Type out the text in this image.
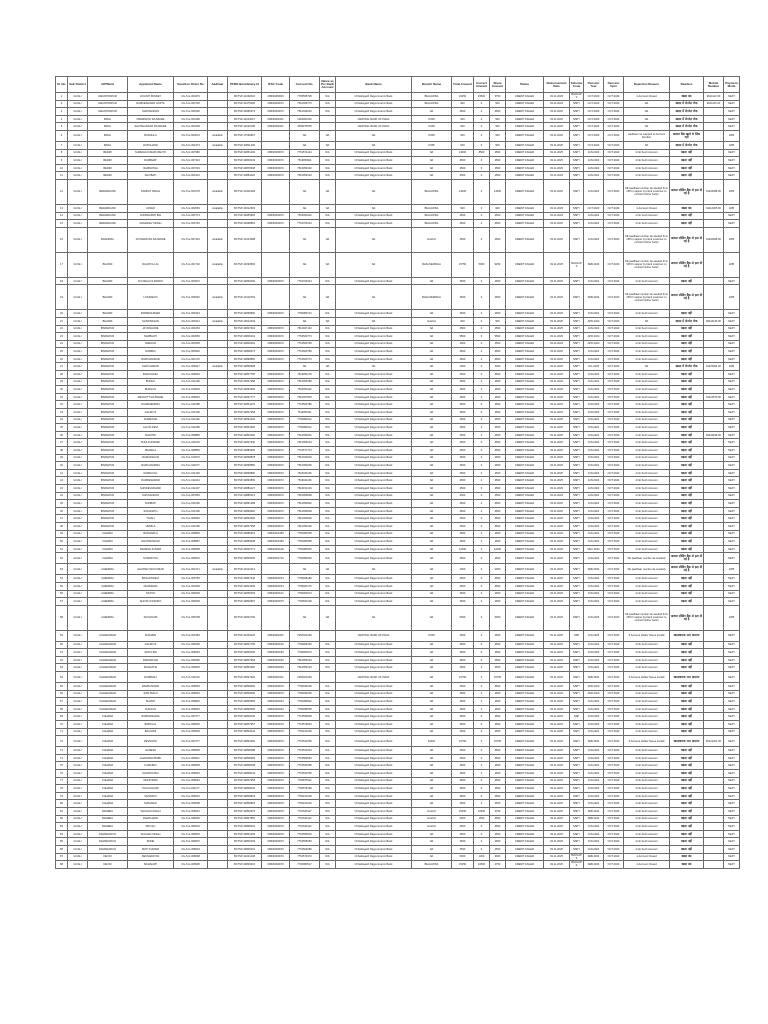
Sl. No.	Sub District	GP/Ward	Applicant Name	Sanction Order No	Aadhaar	PFMS Beneficiary Id	IFSC Code	Account No.	Name as Per Bank Account	Bank Name	Branch Name	Total Amount	Correct Amount	Share Amount	Status	Disbursement Date	Scheme Code	Pension Year	Pension Upto	Rejection Reason	Readers	Mobile Number	Payment Mode
1	GOALI	AWANTIPAPUR	JAYANTI PANDEY	CG-5-G-003473		BCTSP-11362032	CBIN0280000	7765555705	N/A	Chhattisgarh Rajya Gramin Bank	BHAJAPRA	10250	15500	5750	CREDIT FAILED	03.11.2025	BHOJAP S	OCT.2023	OCT.2023	1.Account Closed	खाता बंद	9644112 00	NEFT
2	GOALI	AWANTIPAPUR	RAMKESHWAR GUPTA	CG-5-G-003700		BCTSP-30175000	CBIN0000970	7510469775	N/A	Chhattisgarh Rajya Gramin Bank	BHAJAPRA	900	0	900	CREDIT FAILED	03.11.2025	NSPY	OCT.2023	OCT.2023	NA	खाता में लेनदेन रोक	9644115 00	NEFT
3	GOALI	AWANTIPAPUR	SHIVNANDAN	CG-5-G-008190		BCTSP-30965073	CBIN0000970	7510469222	N/A	Chhattisgarh Rajya Gramin Bank	NA	4500	0	4500	CREDIT FAILED	03.11.2025	NSPY	OCT.2023	OCT.2023	NA	खाता में लेनदेन रोक		NEFT
4	GOALI	BANA	PREMNATH RAJWADE	CG-5-G-004408		BCTSP-11014047	CBIN0281901	1281001001		CENTRAL BANK OF INDIA	KOBI	900	0	900	CREDIT FAILED	03.11.2025	NSPY	OCT.2023	OCT.2023	NA	खाता में लेनदेन रोक		NEFT
5	GOALI	BANA	SHIVSHANKAR RAJWADE	CG-5-G-004409		BCTSP-11020108	CBIN0281901	3509975035		CENTRAL BANK OF INDIA	KOBI	900	0	900	CREDIT FAILED	03.11.2025	NSPY	OCT.2023	OCT.2023	NA	खाता में लेनदेन रोक		NEFT
6	GOALI	BANA	BUDHULA	CG-5-G-003013	Available	BCTSP-17099967		NA	NA	NA	KOBI	900	0	900	CREDIT FAILED	03.11.2025	NSPY	OCT.2023	OCT.2023	Aadhaar not mapped to Account Number	आधार बैंक खाते से लिंक नहीं		APB
7	GOALI	BANA	RUPCHAND	CG-5-G-001073	Available	BCTSP-30811400		NA	NA	NA	KOBI	900	0	900	CREDIT FAILED	03.11.2025	NSPY	OCT.2023	OCT.2023	NA	खाता में लेनदेन रोक		APB
8	GOALI	BEDMI	SURESH KUMAR MAHTO	CG-5-G-007980		BCTSP-30851302	CBIN0000970	7751574144	N/A	Chhattisgarh Rajya Gramin Bank	NA	13000	8500	4500	CREDIT FAILED	03.11.2025	NSPY	JAN.2024	OCT.2023	2.No Such Account	खाता नहीं		NEFT
9	GOALI	BEDMI	RAMBHAT	CG-5-G-007313		BCTSP-30809043	CBIN0000970	7516059911	N/A	Chhattisgarh Rajya Gramin Bank	NA	4500	0	4500	CREDIT FAILED	03.11.2025	NSPY	JAN.2024	OCT.2023	2.No Such Account	खाता नहीं		NEFT
10	GOALI	BEDMI	RAMNATHA	CG-5-G-007034		BCTSP-30878338	CBIN0000970	7516059102	N/A	Chhattisgarh Rajya Gramin Bank	NA	4500	0	4500	CREDIT FAILED	03.11.2025	NSPY	JAN.2024	OCT.2023	2.No Such Account	खाता नहीं		NEFT
11	GOALI	BEDMI	SHIVBATI	CG-5-G-001916		BCTSP-30881126	CBIN0000970	7516059123	N/A	Chhattisgarh Rajya Gramin Bank	NA	4500	0	4500	CREDIT FAILED	03.11.2025	NSPY	JAN.2024	OCT.2023	2.No Such Account	खाता नहीं		NEFT
12	GOALI	BEDARDAND	SAMPAT SINGH	CG-5-G-001578	Available	BCTSP-13411999		NA	NA	NA	BHAJAPRA	14000	0	14000	CREDIT FAILED	03.11.2025	NSPY	JAN.2024	OCT.2023	XE (aadhaar number de-seeded from NPCI mapper by bank customer to contact his/her bank)	आधार सीडिंग बैंक से हटा दी गई है	91126098 00	APB
13	GOALI	BEDARDAND	JANAKI	CG-5-G-003063	Available	BCTSP-13012609		NA	NA	NA	BHAJAPRA	900	0	900	CREDIT FAILED	03.11.2025	NSPY	OCT.2023	OCT.2023	1.Account Closed	खाता बंद	91112005 00	APB
14	GOALI	BEDARDAND	SUNDRAPATI BAI	CG-5-G-006774		BCTSP-30955800	CBIN0000970	7516059110	N/A	Chhattisgarh Rajya Gramin Bank	BHAJAPRA	4500	0	4500	CREDIT FAILED	03.11.2025	NSPY	JAN.2024	OCT.2023	2.No Such Account	खाता नहीं		NEFT
15	GOALI	BEDARDAND	RAMADEV SINGH	CG-5-G-006745		BCTSP-30938862	CBIN0000970	7762763244	N/A	Chhattisgarh Rajya Gramin Bank	BHAJAPRA	4500	0	4500	CREDIT FAILED	03.11.2025	NSPY	JAN.2024	OCT.2023	2.No Such Account	खाता नहीं		NEFT
16	GOALI	BHANDRA	JAYNARAYAN RAJWADE	CG-5-G-007434	Available	BCTSP-13414088		NA	NA	NA	GALKA	4500	0	4500	CREDIT FAILED	03.11.2025	NSPY	JAN.2024	OCT.2023	XE (aadhaar number de-seeded from NPCI mapper by bank customer to contact his/her bank)	आधार सीडिंग बैंक से हटा दी गई है	91120998 00	APB
17	GOALI	BHANDI	DHANIYA LAL	CG-5-G-001702	Available	BCTSP-13028666		NA	NA	NA	BHAUVERDIHA	15750	5000	9250	CREDIT FAILED	03.11.2025	BHOJAP S	FEB.2023	OCT.2023	XE (aadhaar number de-seeded from NPCI mapper by bank customer to contact his/her bank)	आधार सीडिंग बैंक से हटा दी गई है		APB
18	GOALI	BHANDI	KOUSHALYA PANDO	CG-5-G-004572		BCTSP-30830000	CBIN0000970	7762763244	N/A	Chhattisgarh Rajya Gramin Bank	NA	4500	0	4500	CREDIT FAILED	03.11.2025	NSPY	JAN.2024	OCT.2023	2.No Such Account	खाता नहीं		NEFT
19	GOALI	BHANDI	LOKADEVO	CG-5-G-006040	Available	BCTSP-13410752		NA	NA	NA	BHAUVERDIHA	4500	0	4500	CREDIT FAILED	03.11.2025	NSPY	FEB.2023	OCT.2023	XE (aadhaar number de-seeded from NPCI mapper by bank customer to contact his/her bank)	आधार सीडिंग बैंक से हटा दी गई है		APB
20	GOALI	BHANDI	PARMESHWARI	CG-5-G-006434		BCTSP-30838800	CBIN0000970	7706083712	N/A	Chhattisgarh Rajya Gramin Bank	NA	4500	0	4500	CREDIT FAILED	03.11.2025	NSPY	JAN.2024	OCT.2023	2.No Such Account	खाता नहीं		NEFT
21	GOALI	BHANDI	SHIVPRASAD	CG-5-G-000212	Available	BCTSP-13012233		NA	NA	NA	GALKA	900	0	900	CREDIT FAILED	03.11.2025	NSPY	APR.2024	OCT.2023	NA	खाता में लेनदेन रोक	96441135 00	NEFT
22	GOALI	BISRAPUR	JAYKISHORE	CG-5-G-001063		BCTSP-30827904	CBIN0000970	7510467143	N/A	Chhattisgarh Rajya Gramin Bank	NA	4500	0	4500	CREDIT FAILED	03.11.2025	NSPY	JAN.2024	OCT.2023	2.No Such Account	खाता नहीं		NEFT
23	GOALI	BISRAPUR	NARBHATI	CG-5-G-003056		BCTSP-30809101	CBIN0000970	7751560773	N/A	Chhattisgarh Rajya Gramin Bank	NA	5500	0	5500	CREDIT FAILED	03.11.2025	NSPY	APR.2024	OCT.2023	2.No Such Account	खाता नहीं		NEFT
24	GOALI	BISRAPUR	NARHIVA	CG-5-G-004038		BCTSP-30806062	CBIN0000970	7751560780	N/A	Chhattisgarh Rajya Gramin Bank	NA	4500	0	4500	CREDIT FAILED	03.11.2025	NSPY	APR.2024	OCT.2023	2.No Such Account	खाता नहीं		NEFT
25	GOALI	BISRAPUR	RAMBAI	CG-5-G-005640		BCTSP-30808073	CBIN0000970	7751560780	N/A	Chhattisgarh Rajya Gramin Bank	NA	4500	0	4500	CREDIT FAILED	03.11.2025	NSPY	JAN.2024	OCT.2023	2.No Such Account	खाता नहीं		NEFT
26	GOALI	BISRAPUR	RAMCHANDAR	CG-5-G-001179		BCTSP-30868850	CBIN0000970	7751560773	N/A	Chhattisgarh Rajya Gramin Bank	NA	4500	0	4500	CREDIT FAILED	03.11.2025	NSPY	JAN.2024	OCT.2023	2.No Such Account	खाता नहीं		NEFT
27	GOALI	BISRAPUR	SHIVCHARAN	CG-5-G-008417	Available	BCTSP-30808908		NA	NA	NA	NA	2000	0	2000	CREDIT FAILED	03.11.2025	NSPY	JUL.2025	OCT.2023	NA	खाता में लेनदेन रोक	91125994 00	APB
28	GOALI	BISRAPUR	BHAGVANIA	CG-5-G-008049		BCTSP-30807795	CBIN0000970	7516051178	N/A	Chhattisgarh Rajya Gramin Bank	NA	4500	0	4500	CREDIT FAILED	03.11.2025	NSPY	JAN.2024	OCT.2023	2.No Such Account	खाता नहीं		NEFT
29	GOALI	BISRAPUR	BUDHU	CG-5-G-011409		BCTSP-30827958	CBIN0000970	7516059180	N/A	Chhattisgarh Rajya Gramin Bank	NA	4500	0	4500	CREDIT FAILED	03.11.2025	NSPY	JAN.2024	OCT.2023	2.No Such Account	खाता नहीं		NEFT
30	GOALI	BISRAPUR	BUDHIYA	CG-5-G-010003		BCTSP-30832900	CBIN0000970	7516059110	N/A	Chhattisgarh Rajya Gramin Bank	NA	4500	0	4500	CREDIT FAILED	03.11.2025	NSPY	JAN.2024	OCT.2023	2.No Such Account	खाता नहीं		NEFT
31	GOALI	BISRAPUR	DEVDUTT RAJWADE	CG-5-G-008049		BCTSP-30837777	CBIN0000970	7510467833	N/A	Chhattisgarh Rajya Gramin Bank	NA	4500	0	4500	CREDIT FAILED	03.11.2025	NSPY	JAN.2024	OCT.2023	2.No Such Account	खाता नहीं	91124570 00	NEFT
32	GOALI	BISRAPUR	DHARMENDRA	CG-5-G-011088		BCTSP-30831179	CBIN0000970	7751560780	N/A	Chhattisgarh Rajya Gramin Bank	NA	4500	0	4500	CREDIT FAILED	03.11.2025	NSPY	JAN.2024	OCT.2023	2.No Such Account	खाता नहीं		NEFT
33	GOALI	BISRAPUR	GAURIYA	CG-5-G-011409		BCTSP-30827958	CBIN0000970	7516059111	N/A	Chhattisgarh Rajya Gramin Bank	NA	4500	0	4500	CREDIT FAILED	03.11.2025	NSPY	JAN.2024	OCT.2023	2.No Such Account	खाता नहीं		NEFT
34	GOALI	BISRAPUR	KHEMANIA	CG-5-G-011492		BCTSP-30832200	CBIN0000970	7706083212	N/A	Chhattisgarh Rajya Gramin Bank	NA	4500	0	4500	CREDIT FAILED	03.11.2025	NSPY	JAN.2024	OCT.2023	2.No Such Account	खाता नहीं		NEFT
35	GOALI	BISRAPUR	LALITA DEVI	CG-5-G-011089		BCTSP-30823200	CBIN0000970	7706083212	N/A	Chhattisgarh Rajya Gramin Bank	NA	4500	0	4500	CREDIT FAILED	03.11.2025	NSPY	JAN.2024	OCT.2023	2.No Such Account	खाता नहीं		NEFT
36	GOALI	BISRAPUR	MAHITRI	CG-5-G-008850		BCTSP-30806200	CBIN0000970	7516059091	N/A	Chhattisgarh Rajya Gramin Bank	NA	4500	0	4500	CREDIT FAILED	03.11.2025	NSPY	JAN.2024	OCT.2023	2.No Such Account	खाता नहीं	96441158 00	NEFT
37	GOALI	BISRAPUR	PHULKUNWARI	CG-5-G-011034		BCTSP-30827940	CBIN0000970	7516059104	N/A	Chhattisgarh Rajya Gramin Bank	NA	4500	0	4500	CREDIT FAILED	03.11.2025	NSPY	JAN.2024	OCT.2023	2.No Such Account	खाता नहीं		NEFT
38	GOALI	BISRAPUR	PRAMILA	CG-5-G-008859		BCTSP-30880600	CBIN0000970	7751577713	N/A	Chhattisgarh Rajya Gramin Bank	NA	4500	0	4500	CREDIT FAILED	03.11.2025	NSPY	JAN.2024	OCT.2023	2.No Such Account	खाता नहीं		NEFT
39	GOALI	BISRAPUR	RAMAKSHAR	CG-5-G-010070		BCTSP-30838878	CBIN0000970	7516042034	N/A	Chhattisgarh Rajya Gramin Bank	NA	4500	0	4500	CREDIT FAILED	03.11.2025	NSPY	JAN.2024	OCT.2023	2.No Such Account	खाता नहीं		NEFT
40	GOALI	BISRAPUR	RAMCHANDRA	CG-5-G-011077		BCTSP-30838850	CBIN0000970	7516059206	N/A	Chhattisgarh Rajya Gramin Bank	NA	4500	0	4500	CREDIT FAILED	03.11.2025	NSPY	JAN.2024	OCT.2023	2.No Such Account	खाता नहीं		NEFT
41	GOALI	BISRAPUR	RAMDAYAL	CG-5-G-011409		BCTSP-30838800	CBIN0000970	7516041166	N/A	Chhattisgarh Rajya Gramin Bank	NA	4500	0	4500	CREDIT FAILED	03.11.2025	NSPY	JAN.2024	OCT.2023	2.No Such Account	खाता नहीं		NEFT
42	GOALI	BISRAPUR	RAMKESHWAR	CG-5-G-011044		BCTSP-30830800	CBIN0000970	7516041166	N/A	Chhattisgarh Rajya Gramin Bank	NA	4500	0	4500	CREDIT FAILED	03.11.2025	NSPY	JAN.2024	OCT.2023	2.No Such Account	खाता नहीं		NEFT
43	GOALI	BISRAPUR	SHIVDEVADHARI	CG-5-G-011407		BCTSP-30881427	CBIN0000970	7516152134	N/A	Chhattisgarh Rajya Gramin Bank	NA	4500	0	4500	CREDIT FAILED	03.11.2025	NSPY	JAN.2024	OCT.2023	2.No Such Account	खाता नहीं		NEFT
44	GOALI	BISRAPUR	SHIVNANDAN	CG-5-G-007845		BCTSP-30885213	CBIN0000970	7516059909	N/A	Chhattisgarh Rajya Gramin Bank	NA	4500	0	4500	CREDIT FAILED	03.11.2025	NSPY	JAN.2024	OCT.2023	2.No Such Account	खाता नहीं		NEFT
45	GOALI	BISRAPUR	SONBATI	CG-5-G-011090		BCTSP-30831289	CBIN0000970	7516059922	N/A	Chhattisgarh Rajya Gramin Bank	NA	4500	0	4500	CREDIT FAILED	03.11.2025	NSPY	JAN.2024	OCT.2023	2.No Such Account	खाता नहीं		NEFT
46	GOALI	BISRAPUR	SUKHNATH	CG-5-G-011409		BCTSP-30838920	CBIN0000970	7516059099	N/A	Chhattisgarh Rajya Gramin Bank	NA	4500	0	4500	CREDIT FAILED	03.11.2025	NSPY	JAN.2024	OCT.2023	2.No Such Account	खाता नहीं		NEFT
47	GOALI	BISRAPUR	TIHALI	CG-5-G-008340		BCTSP-30829300	CBIN0000970	7516060602	N/A	Chhattisgarh Rajya Gramin Bank	NA	4500	0	4500	CREDIT FAILED	03.11.2025	NSPY	JAN.2024	OCT.2023	2.No Such Account	खाता नहीं		NEFT
48	GOALI	BISRAPUR	URMILA	CG-5-G-011409		BCTSP-30827958	CBIN0000970	7516059102	N/A	Chhattisgarh Rajya Gramin Bank	NA	4500	0	4500	CREDIT FAILED	03.11.2025	NSPY	JAN.2024	OCT.2023	2.No Such Account	खाता नहीं		NEFT
49	GOALI	CHAPDA	BUDHNATH	CG-5-G-008869		BCTSP-30886919	CBIN0001386	7760083205	N/A	Chhattisgarh Rajya Gramin Bank	NA	4500	0	4500	CREDIT FAILED	03.11.2025	NSPY	JAN.2024	OCT.2023	2.No Such Account	खाता नहीं		NEFT
50	GOALI	CHAPDA	DHANSUNDAR	CG-5-G-008867		BCTSP-30859008	CBIN0001386	7760083095	N/A	Chhattisgarh Rajya Gramin Bank	NA	4500	0	4500	CREDIT FAILED	03.11.2025	NSPY	JAN.2024	OCT.2023	2.No Such Account	खाता नहीं		NEFT
51	GOALI	CHAPDA	RAMESH KUMAR	CG-5-G-008068		BCTSP-30810771	CBIN0000148	7760083046	N/A	Chhattisgarh Rajya Gramin Bank	NA	11500	0	11500	CREDIT FAILED	03.11.2025	NSPY	DEC.2023	OCT.2023	2.No Such Account	खाता नहीं		NEFT
52	GOALI	CHAPDA	SUNMATIYA	CG-5-G-008010		BCTSP-30809005	CBIN0001726	7760083046	N/A	Chhattisgarh Rajya Gramin Bank	NA	4500	0	4500	CREDIT FAILED	03.11.2025	NSPY	JAN.2024	OCT.2023	XE (aadhaar number de-seeded)	आधार सीडिंग बैंक से हटा दी गई है		NEFT
53	GOALI	CHENDRA	GHANSHYAM KUMAR	CG-5-G-002171	Available	BCTSP-13412214		NA	NA	NA	NA	2000	0	2000	CREDIT FAILED	03.11.2025	NSPY	FEB.2020	OCT.2023	XE (aadhaar number de-seeded)	आधार सीडिंग बैंक से हटा दी गई है		APB
54	GOALI	CHENDRA	BASANTIDEVI	CG-5-G-006755		BCTSP-30807646	CBIN0000023	7709908184	N/A	Chhattisgarh Rajya Gramin Bank	NA	4500	0	4500	CREDIT FAILED	03.11.2025	NSPY	JAN.2024	OCT.2023	2.No Such Account	खाता नहीं		NEFT
55	GOALI	CHENDRA	DHANIRAM	CG-5-G-004009		BCTSP-30813005	CBIN0000023	7709901175	N/A	Chhattisgarh Rajya Gramin Bank	NA	4500	0	4500	CREDIT FAILED	03.11.2025	NSPY	JAN.2024	OCT.2023	2.No Such Account	खाता नहीं		NEFT
56	GOALI	CHENDRA	NATOO	CG-5-G-006009		BCTSP-30835003	CBIN0000141	7706063074	N/A	Chhattisgarh Rajya Gramin Bank	NA	4500	0	4500	CREDIT FAILED	03.11.2025	NSPY	JAN.2024	OCT.2023	2.No Such Account	खाता नहीं		NEFT
57	GOALI	CHENDRA	SHIVPUJI PANDO	CG-5-G-006009		BCTSP-30800897	CBIN0000079	7706693109	N/A	Chhattisgarh Rajya Gramin Bank	NA	4500	0	4500	CREDIT FAILED	03.11.2025	NSPY	JAN.2024	OCT.2023	2.No Such Account	खाता नहीं		NEFT
58	GOALI	CHENDRA	SUKHIYARI	CG-5-G-008708		BCTSP-30002790		NA	NA	NA	NA	5000	0	5000	CREDIT FAILED	03.11.2025	NSPY	JAN.2025	OCT.2023	XE (aadhaar number de-seeded from NPCI mapper by bank customer to contact his/her bank)	आधार सीडिंग बैंक से हटा दी गई है		APB
59	GOALI	CHHARAMAR	SUKHBAI	CG-5-G-001083		BCTSP-31009126	CBIN0281901	2256401049		CENTRAL BANK OF INDIA	KOBI	4500	0	4500	CREDIT FAILED	03.11.2025	NSP	JAN.2025	OCT.2023	5.Account Holder Name Invalid	खाताधारक नाम अमान्य		NEFT
60	GOALI	CHHARAMAR	GAURIYA	CG-5-G-006006		BCTSP-30807705	CBIN0000140	7709908145	N/A	Chhattisgarh Rajya Gramin Bank	NA	4500	0	4500	CREDIT FAILED	03.11.2025	NSPY	JAN.2024	OCT.2023	2.No Such Account	खाता नहीं		NEFT
61	GOALI	CHHARAMAR	JANTA BAI	CG-5-G-008049		BCTSP-30809206	CBIN0000150	7706063074	N/A	Chhattisgarh Rajya Gramin Bank	NA	4500	0	4500	CREDIT FAILED	03.11.2025	NSPY	JAN.2024	OCT.2023	2.No Such Account	खाता नहीं		NEFT
62	GOALI	CHHARAMAR	RAMNATHIA	CG-5-G-008456		BCTSP-30807966	CBIN0000030	7516059124	N/A	Chhattisgarh Rajya Gramin Bank	NA	4500	0	4500	CREDIT FAILED	03.11.2025	NSPY	JAN.2024	OCT.2023	2.No Such Account	खाता नहीं		NEFT
63	GOALI	CHHARAMAR	MANGATIA	CG-5-G-008020		BCTSP-30800060	CBIN0000030	7516059123	N/A	Chhattisgarh Rajya Gramin Bank	NA	4500	0	4500	CREDIT FAILED	03.11.2025	NSPY	JAN.2024	OCT.2023	2.No Such Account	खाता नहीं		NEFT
64	GOALI	CHHARAMAR	RAMBHAJ	CG-5-G-011010		BCTSP-30827920	CBIN0281901	2256401049		CENTRAL BANK OF INDIA	NA	15750	0	15750	CREDIT FAILED	03.11.2025	NSPY	FEB.2023	OCT.2023	5.Account Holder Name Invalid	खाताधारक नाम अमान्य		NEFT
65	GOALI	CHHARAMAR	RAMKUNWAR	CG-5-G-008093		BCTSP-30808060	CBIN0000979	7706034036	N/A	Chhattisgarh Rajya Gramin Bank	NA	4500	0	4500	CREDIT FAILED	03.11.2025	NSPY	APR.2024	OCT.2023	2.No Such Account	खाता नहीं		NEFT
66	GOALI	CHHARAMAR	RAM BHAJI	CG-5-G-008049		BCTSP-30808090	CBIN0000979	7706034060	N/A	Chhattisgarh Rajya Gramin Bank	NA	4500	0	4500	CREDIT FAILED	03.11.2025	NSPY	APR.2024	OCT.2023	2.No Such Account	खाता नहीं		NEFT
67	GOALI	CHHARAMAR	SHANTI	CG-5-G-008822		BCTSP-30808955	CBIN0000023	7706389942	N/A	Chhattisgarh Rajya Gramin Bank	NA	4500	0	4500	CREDIT FAILED	03.11.2025	NSPY	JAN.2024	OCT.2023	2.No Such Account	खाता नहीं		NEFT
68	GOALI	CHHARAMAR	SUKHIYA	CG-5-G-008033		BCTSP-30808300	CBIN0000030	7706095905	N/A	Chhattisgarh Rajya Gramin Bank	NA	4500	0	4500	CREDIT FAILED	03.11.2025	NSPY	JAN.2024	OCT.2023	2.No Such Account	खाता नहीं		NEFT
69	GOALI	CHHAMA	RAMSADHANA	CG-5-G-003777		BCTSP-30809040	CBIN0000070	7751559909	N/A	Chhattisgarh Rajya Gramin Bank	NA	4500	0	4500	CREDIT FAILED	03.11.2025	NSP	JAN.2024	OCT.2023	2.No Such Account	खाता नहीं		NEFT
70	GOALI	CHHAMA	BABULAL	CG-5-G-008000		BCTSP-30807957	CBIN0000979	7751579943	N/A	Chhattisgarh Rajya Gramin Bank	NA	4500	0	4500	CREDIT FAILED	03.11.2025	NSPY	JAN.2024	OCT.2023	2.No Such Account	खाता नहीं		NEFT
71	GOALI	CHHAMA	BACHANI	CG-5-G-008004		BCTSP-30800044	CBIN0000979	7760101000	N/A	Chhattisgarh Rajya Gramin Bank	NA	4500	0	4500	CREDIT FAILED	03.11.2025	NSPY	JAN.2024	OCT.2023	2.No Such Account	खाता नहीं		NEFT
72	GOALI	CHHAMA	DEVNATHI	CG-5-G-003777		BCTSP-30800066	CBIN0000979	7751531550	N/A	Chhattisgarh Rajya Gramin Bank	DHMJ	15750	0	15750	CREDIT FAILED	03.11.2025	NSPY	FEB.2023	OCT.2023	5.Account Holder Name Invalid	खाताधारक नाम अमान्य	95121201 00	NEFT
73	GOALI	CHHAMA	GANESH	CG-5-G-008005		BCTSP-30808088	CBIN0000979	7751531564	N/A	Chhattisgarh Rajya Gramin Bank	NA	4500	0	4500	CREDIT FAILED	03.11.2025	NSPY	JAN.2024	OCT.2023	2.No Such Account	खाता नहीं		NEFT
74	GOALI	CHHAMA	GHASIRAM BABU	CG-5-G-008011		BCTSP-30808099	CBIN0000979	7751583564	N/A	Chhattisgarh Rajya Gramin Bank	NA	4500	0	4500	CREDIT FAILED	03.11.2025	NSPY	JAN.2024	OCT.2023	2.No Such Account	खाता नहीं		NEFT
75	GOALI	CHHAMA	KAMLIBAI	CG-5-G-008009		BCTSP-30808008	CBIN0000979	7751531586	N/A	Chhattisgarh Rajya Gramin Bank	NA	4500	0	4500	CREDIT FAILED	03.11.2025	NSPY	JAN.2024	OCT.2023	2.No Such Account	खाता नहीं		NEFT
76	GOALI	CHHAMA	KHORIYA BAI	CG-5-G-008049		BCTSP-30808044	CBIN0000979	7751531550	N/A	Chhattisgarh Rajya Gramin Bank	NA	4500	0	4500	CREDIT FAILED	03.11.2025	NSPY	JAN.2024	OCT.2023	2.No Such Account	खाता नहीं		NEFT
77	GOALI	CHHAMA	MOHITRAM	CG-5-G-008044		BCTSP-30807955	CBIN0000979	7760875112	N/A	Chhattisgarh Rajya Gramin Bank	NA	4500	0	4500	CREDIT FAILED	03.11.2025	NSPY	JAN.2024	OCT.2023	2.No Such Account	खाता नहीं		NEFT
78	GOALI	CHHAMA	PHULCHAND	CG-5-G-011177		BCTSP-30808044	CBIN0000979	7760875199	N/A	Chhattisgarh Rajya Gramin Bank	NA	4500	0	4500	CREDIT FAILED	03.11.2025	NSPY	JAN.2024	OCT.2023	2.No Such Account	खाता नहीं		NEFT
79	GOALI	CHHAMA	SHIVMATI	CG-5-G-008001		BCTSP-30808803	CBIN0000979	7760101039	N/A	Chhattisgarh Rajya Gramin Bank	NA	4500	0	4500	CREDIT FAILED	03.11.2025	NSPY	JAN.2024	OCT.2023	2.No Such Account	खाता नहीं		NEFT
80	GOALI	CHHAMA	SUKHDEO	CG-5-G-008008		BCTSP-30808803	CBIN0000979	7760101033	N/A	Chhattisgarh Rajya Gramin Bank	NA	4500	0	4500	CREDIT FAILED	03.11.2025	NSPY	JAN.2024	OCT.2023	2.No Such Account	खाता नहीं		NEFT
81	GOALI	DAMERA	SHOHAN SINGH	CG-5-G-008061		BCTSP-30806675	CBIN0000979	7751546117	N/A	Chhattisgarh Rajya Gramin Bank	GALKA	15250	10500	4750	CREDIT FAILED	03.11.2025	NSPY	FEB.2023	OCT.2023	2.No Such Account	खाता नहीं		NEFT
82	GOALI	DAMERA	RAMCHAND	CG-5-G-008000		BCTSP-30807860	CBIN0000979	7751546112	N/A	Chhattisgarh Rajya Gramin Bank	GALKA	6000	1500	4500	CREDIT FAILED	03.11.2025	NSPY	FEB.2023	OCT.2023	2.No Such Account	खाता नहीं		NEFT
83	GOALI	DAMERA	PRIYALI	CG-5-G-008404		BCTSP-30808002	CBIN0000979	7751546112	N/A	Chhattisgarh Rajya Gramin Bank	GALKA	4500	0	4500	CREDIT FAILED	03.11.2025	NSPY	JAN.2024	OCT.2023	2.No Such Account	खाता नहीं		NEFT
84	GOALI	DAMARARIYA	SUKHAN SINGH	CG-5-G-008003		BCTSP-30801009	CBIN0000979	7751555010	N/A	Chhattisgarh Rajya Gramin Bank	NA	4500	0	4500	CREDIT FAILED	03.11.2025	NSPY	JAN.2024	OCT.2023	2.No Such Account	खाता नहीं		NEFT
85	GOALI	DAMARARIYA	RONE	CG-5-G-008007		BCTSP-30800029	CBIN0000979	7751555050	N/A	Chhattisgarh Rajya Gramin Bank	NA	4500	0	4500	CREDIT FAILED	03.11.2025	NSPY	JAN.2024	OCT.2023	2.No Such Account	खाता नहीं		NEFT
86	GOALI	DAMARARIYA	MOTI KUMARI	CG-5-G-008004		BCTSP-30800001	CBIN0000979	7751504680	N/A	Chhattisgarh Rajya Gramin Bank	NA	4500	0	4500	CREDIT FAILED	03.11.2025	NSPY	JAN.2024	OCT.2023	2.No Such Account	खाता नहीं		NEFT
87	GOALI	DEVDI	DEVNARAYAN	CG-5-G-008008		BCTSP-31001438	CBIN0000979	7751573472	N/A	Chhattisgarh Rajya Gramin Bank	NA	5300	1400	3900	CREDIT FAILED	03.11.2025	BHOJAP S	FEB.2023	OCT.2023	1.Account Closed	खाता बंद		NEFT
88	GOALI	DEVDI	SIKHANATI	CG-5-G-008905		BCTSP-30809015	CBIN0000979	7706083517	N/A	Chhattisgarh Rajya Gramin Bank	BHAJAPRA	15250	10500	4750	CREDIT FAILED	03.11.2025	BHOJAP S	FEB.2023	OCT.2023	1.Account Closed	खाता बंद		NEFT
